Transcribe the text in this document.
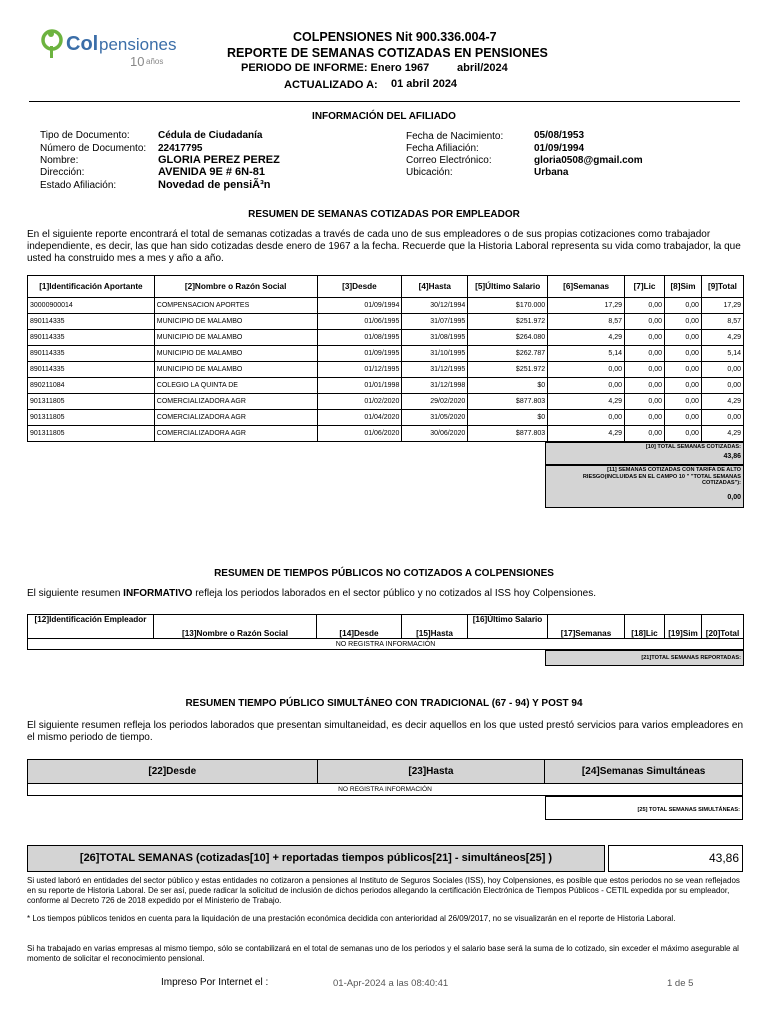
Col pensiones
10 años
COLPENSIONES Nit 900.336.004-7
REPORTE DE SEMANAS COTIZADAS EN PENSIONES
PERIODO DE INFORME: Enero 1967	abril/2024
ACTUALIZADO A: 01 abril 2024
INFORMACIÓN DEL AFILIADO
Tipo de Documento:	Cédula de Ciudadanía
Número de Documento: 22417795
Nombre:	GLORIA PEREZ PEREZ
Dirección:	AVENIDA 9E # 6N-81
Estado Afiliación:	Novedad de pensiÃ³n
Fecha de Nacimiento:	05/08/1953
Fecha Afiliación:	01/09/1994
Correo Electrónico:	gloria0508@gmail.com
Ubicación:	Urbana
RESUMEN DE SEMANAS COTIZADAS POR EMPLEADOR
En el siguiente reporte encontrará el total de semanas cotizadas a través de cada uno de sus empleadores o de sus propias cotizaciones como trabajador independiente, es decir, las que han sido cotizadas desde enero de 1967 a la fecha. Recuerde que la Historia Laboral representa su vida como trabajador, la que usted ha construido mes a mes y año a año.
[1]Identificación Aportante	[2]Nombre o Razón Social	[3]Desde	[4]Hasta	[5]Último Salario	[6]Semanas	[7]Lic	[8]Sim	[9]Total
30000900014	COMPENSACION APORTES	01/09/1994	30/12/1994	$170.000	17,29	0,00	0,00	17,29
890114335	MUNICIPIO DE MALAMBO	01/06/1995	31/07/1995	$251.972	8,57	0,00	0,00	8,57
890114335	MUNICIPIO DE MALAMBO	01/08/1995	31/08/1995	$264.080	4,29	0,00	0,00	4,29
890114335	MUNICIPIO DE MALAMBO	01/09/1995	31/10/1995	$262.787	5,14	0,00	0,00	5,14
890114335	MUNICIPIO DE MALAMBO	01/12/1995	31/12/1995	$251.972	0,00	0,00	0,00	0,00
890211084	COLEGIO LA QUINTA DE	01/01/1998	31/12/1998	$0	0,00	0,00	0,00	0,00
901311805	COMERCIALIZADORA AGR	01/02/2020	29/02/2020	$877.803	4,29	0,00	0,00	4,29
901311805	COMERCIALIZADORA AGR	01/04/2020	31/05/2020	$0	0,00	0,00	0,00	0,00
901311805	COMERCIALIZADORA AGR	01/06/2020	30/06/2020	$877.803	4,29	0,00	0,00	4,29
[10] TOTAL SEMANAS COTIZADAS:
43,86
[11] SEMANAS COTIZADAS CON TARIFA DE ALTO RIESGO(INCLUIDAS EN EL CAMPO 10 " "TOTAL SEMANAS COTIZADAS"):
0,00
RESUMEN DE TIEMPOS PÚBLICOS NO COTIZADOS A COLPENSIONES
El siguiente resumen INFORMATIVO refleja los periodos laborados en el sector público y no cotizados al ISS hoy Colpensiones.
[12]Identificación Empleador	[13]Nombre o Razón Social	[14]Desde	[15]Hasta	[16]Último Salario	[17]Semanas	[18]Lic	[19]Sim	[20]Total
NO REGISTRA INFORMACIÓN
[21]TOTAL SEMANAS REPORTADAS:
RESUMEN TIEMPO PÚBLICO SIMULTÁNEO CON TRADICIONAL (67 - 94) Y POST 94
El siguiente resumen refleja los periodos laborados que presentan simultaneidad, es decir aquellos en los que usted prestó servicios para varios empleadores en el mismo periodo de tiempo.
[22]Desde	[23]Hasta	[24]Semanas Simultáneas
NO REGISTRA INFORMACIÓN
[25] TOTAL SEMANAS SIMULTÁNEAS:
[26]TOTAL SEMANAS (cotizadas[10] + reportadas tiempos públicos[21] - simultáneos[25] )	43,86
Si usted laboró en entidades del sector público y estas entidades no cotizaron a pensiones al Instituto de Seguros Sociales (ISS), hoy Colpensiones, es posible que estos periodos no se vean reflejados en su reporte de Historia Laboral. De ser así, puede radicar la solicitud de inclusión de dichos periodos allegando la certificación Electrónica de Tiempos Públicos - CETIL expedida por su empleador, conforme al Decreto 726 de 2018 expedido por el Ministerio de Trabajo.
* Los tiempos públicos tenidos en cuenta para la liquidación de una prestación económica decidida con anterioridad al 26/09/2017, no se visualizarán en el reporte de Historia Laboral.
Si ha trabajado en varias empresas al mismo tiempo, sólo se contabilizará en el total de semanas uno de los periodos y el salario base será la suma de lo cotizado, sin exceder el máximo asegurable al momento de solicitar el reconocimiento pensional.
Impreso Por Internet el :	01-Apr-2024 a las 08:40:41	1 de 5
